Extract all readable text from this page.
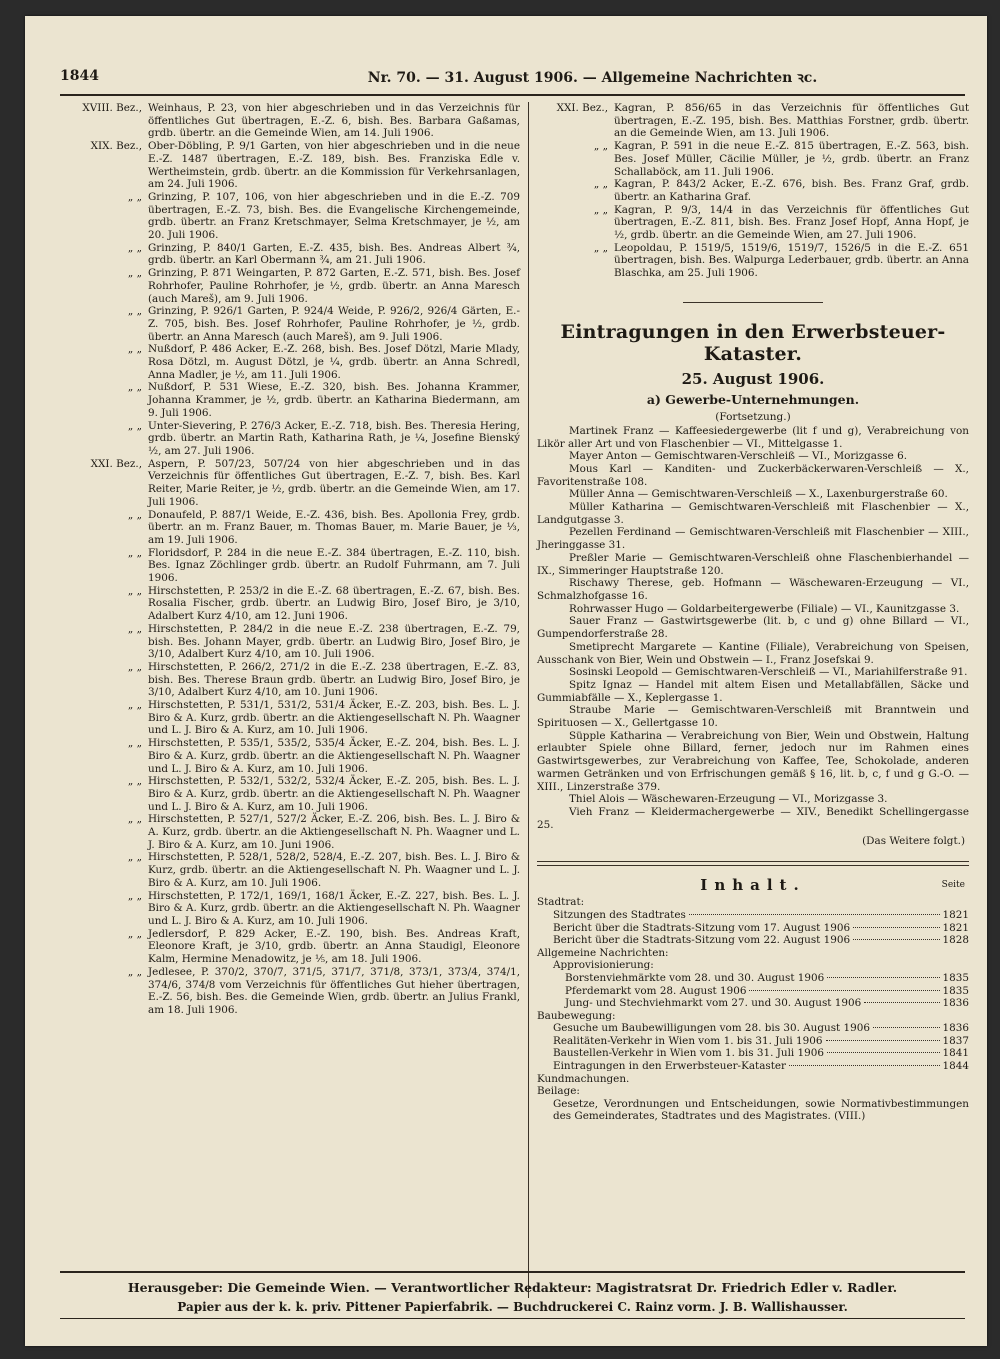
1844	Nr. 70. — 31. August 1906. — Allgemeine Nachrichten ꝛc.
XVIII. Bez., Weinhaus, P. 23, von hier abgeschrieben und in das Verzeichnis für öffentliches Gut übertragen, E.-Z. 6, bish. Bes. Barbara Gaßamas, grdb. übertr. an die Gemeinde Wien, am 14. Juli 1906.
XIX. Bez., Ober-Döbling, P. 9/1 Garten, von hier abgeschrieben und in die neue E.-Z. 1487 übertragen, E.-Z. 189, bish. Bes. Franziska Edle v. Wertheimstein, grdb. übertr. an die Kommission für Verkehrsanlagen, am 24. Juli 1906.
„ „ Grinzing, P. 107, 106, von hier abgeschrieben und in die E.-Z. 709 übertragen, E.-Z. 73, bish. Bes. die Evangelische Kirchengemeinde, grdb. übertr. an Franz Kretschmayer, Selma Kretschmayer, je ½, am 20. Juli 1906.
„ „ Grinzing, P. 840/1 Garten, E.-Z. 435, bish. Bes. Andreas Albert ¾, grdb. übertr. an Karl Obermann ¾, am 21. Juli 1906.
„ „ Grinzing, P. 871 Weingarten, P. 872 Garten, E.-Z. 571, bish. Bes. Josef Rohrhofer, Pauline Rohrhofer, je ½, grdb. übertr. an Anna Maresch (auch Mareš), am 9. Juli 1906.
„ „ Grinzing, P. 926/1 Garten, P. 924/4 Weide, P. 926/2, 926/4 Gärten, E.-Z. 705, bish. Bes. Josef Rohrhofer, Pauline Rohrhofer, je ½, grdb. übertr. an Anna Maresch (auch Mareš), am 9. Juli 1906.
„ „ Nußdorf, P. 486 Acker, E.-Z. 268, bish. Bes. Josef Dötzl, Marie Mlady, Rosa Dötzl, m. August Dötzl, je ¼, grdb. übertr. an Anna Schredl, Anna Madler, je ½, am 11. Juli 1906.
„ „ Nußdorf, P. 531 Wiese, E.-Z. 320, bish. Bes. Johanna Krammer, Johanna Krammer, je ½, grdb. übertr. an Katharina Biedermann, am 9. Juli 1906.
„ „ Unter-Sievering, P. 276/3 Acker, E.-Z. 718, bish. Bes. Theresia Hering, grdb. übertr. an Martin Rath, Katharina Rath, je ¼, Josefine Bienský ½, am 27. Juli 1906.
XXI. Bez., Aspern, P. 507/23, 507/24 von hier abgeschrieben und in das Verzeichnis für öffentliches Gut übertragen, E.-Z. 7, bish. Bes. Karl Reiter, Marie Reiter, je ½, grdb. übertr. an die Gemeinde Wien, am 17. Juli 1906.
„ „ Donaufeld, P. 887/1 Weide, E.-Z. 436, bish. Bes. Apollonia Frey, grdb. übertr. an m. Franz Bauer, m. Thomas Bauer, m. Marie Bauer, je ⅓, am 19. Juli 1906.
„ „ Floridsdorf, P. 284 in die neue E.-Z. 384 übertragen, E.-Z. 110, bish. Bes. Ignaz Zöchlinger grdb. übertr. an Rudolf Fuhrmann, am 7. Juli 1906.
„ „ Hirschstetten, P. 253/2 in die E.-Z. 68 übertragen, E.-Z. 67, bish. Bes. Rosalia Fischer, grdb. übertr. an Ludwig Biro, Josef Biro, je 3/10, Adalbert Kurz 4/10, am 12. Juni 1906.
„ „ Hirschstetten, P. 284/2 in die neue E.-Z. 238 übertragen, E.-Z. 79, bish. Bes. Johann Mayer, grdb. übertr. an Ludwig Biro, Josef Biro, je 3/10, Adalbert Kurz 4/10, am 10. Juli 1906.
„ „ Hirschstetten, P. 266/2, 271/2 in die E.-Z. 238 übertragen, E.-Z. 83, bish. Bes. Therese Braun grdb. übertr. an Ludwig Biro, Josef Biro, je 3/10, Adalbert Kurz 4/10, am 10. Juni 1906.
„ „ Hirschstetten, P. 531/1, 531/2, 531/4 Äcker, E.-Z. 203, bish. Bes. L. J. Biro & A. Kurz, grdb. übertr. an die Aktiengesellschaft N. Ph. Waagner und L. J. Biro & A. Kurz, am 10. Juli 1906.
„ „ Hirschstetten, P. 535/1, 535/2, 535/4 Äcker, E.-Z. 204, bish. Bes. L. J. Biro & A. Kurz, grdb. übertr. an die Aktiengesellschaft N. Ph. Waagner und L. J. Biro & A. Kurz, am 10. Juli 1906.
„ „ Hirschstetten, P. 532/1, 532/2, 532/4 Äcker, E.-Z. 205, bish. Bes. L. J. Biro & A. Kurz, grdb. übertr. an die Aktiengesellschaft N. Ph. Waagner und L. J. Biro & A. Kurz, am 10. Juli 1906.
„ „ Hirschstetten, P. 527/1, 527/2 Äcker, E.-Z. 206, bish. Bes. L. J. Biro & A. Kurz, grdb. übertr. an die Aktiengesellschaft N. Ph. Waagner und L. J. Biro & A. Kurz, am 10. Juni 1906.
„ „ Hirschstetten, P. 528/1, 528/2, 528/4, E.-Z. 207, bish. Bes. L. J. Biro & Kurz, grdb. übertr. an die Aktiengesellschaft N. Ph. Waagner und L. J. Biro & A. Kurz, am 10. Juli 1906.
„ „ Hirschstetten, P. 172/1, 169/1, 168/1 Äcker, E.-Z. 227, bish. Bes. L. J. Biro & A. Kurz, grdb. übertr. an die Aktiengesellschaft N. Ph. Waagner und L. J. Biro & A. Kurz, am 10. Juli 1906.
„ „ Jedlersdorf, P. 829 Acker, E.-Z. 190, bish. Bes. Andreas Kraft, Eleonore Kraft, je 3/10, grdb. übertr. an Anna Staudigl, Eleonore Kalm, Hermine Menadowitz, je ⅕, am 18. Juli 1906.
„ „ Jedlesee, P. 370/2, 370/7, 371/5, 371/7, 371/8, 373/1, 373/4, 374/1, 374/6, 374/8 vom Verzeichnis für öffentliches Gut hieher übertragen, E.-Z. 56, bish. Bes. die Gemeinde Wien, grdb. übertr. an Julius Frankl, am 18. Juli 1906.
XXI. Bez., Kagran, P. 856/65 in das Verzeichnis für öffentliches Gut übertragen, E.-Z. 195, bish. Bes. Matthias Forstner, grdb. übertr. an die Gemeinde Wien, am 13. Juli 1906.
„ „ Kagran, P. 591 in die neue E.-Z. 815 übertragen, E.-Z. 563, bish. Bes. Josef Müller, Cäcilie Müller, je ½, grdb. übertr. an Franz Schallaböck, am 11. Juli 1906.
„ „ Kagran, P. 843/2 Acker, E.-Z. 676, bish. Bes. Franz Graf, grdb. übertr. an Katharina Graf.
„ „ Kagran, P. 9/3, 14/4 in das Verzeichnis für öffentliches Gut übertragen, E.-Z. 811, bish. Bes. Franz Josef Hopf, Anna Hopf, je ½, grdb. übertr. an die Gemeinde Wien, am 27. Juli 1906.
„ „ Leopoldau, P. 1519/5, 1519/6, 1519/7, 1526/5 in die E.-Z. 651 übertragen, bish. Bes. Walpurga Lederbauer, grdb. übertr. an Anna Blaschka, am 25. Juli 1906.
Eintragungen in den Erwerbsteuer-Kataster.
25. August 1906.
a) Gewerbe-Unternehmungen.
(Fortsetzung.)

Martinek Franz — Kaffeesiedergewerbe (lit f und g), Verabreichung von Likör aller Art und von Flaschenbier — VI., Mittelgasse 1.

Mayer Anton — Gemischtwaren-Verschleiß — VI., Morizgasse 6.

Mous Karl — Kanditen- und Zuckerbäckerwaren-Verschleiß — X., Favoritenstraße 108.

Müller Anna — Gemischtwaren-Verschleiß — X., Laxenburgerstraße 60.

Müller Katharina — Gemischtwaren-Verschleiß mit Flaschenbier — X., Landgutgasse 3.

Pezellen Ferdinand — Gemischtwaren-Verschleiß mit Flaschenbier — XIII., Jheringgasse 31.

Preßler Marie — Gemischtwaren-Verschleiß ohne Flaschenbierhandel — IX., Simmeringer Hauptstraße 120.

Rischawy Therese, geb. Hofmann — Wäschewaren-Erzeugung — VI., Schmalzhofgasse 16.

Rohrwasser Hugo — Goldarbeitergewerbe (Filiale) — VI., Kaunitzgasse 3.

Sauer Franz — Gastwirtsgewerbe (lit. b, c und g) ohne Billard — VI., Gumpendorferstraße 28.

Smetiprecht Margarete — Kantine (Filiale), Verabreichung von Speisen, Ausschank von Bier, Wein und Obstwein — I., Franz Josefskai 9.

Sosinski Leopold — Gemischtwaren-Verschleiß — VI., Mariahilferstraße 91.

Spitz Ignaz — Handel mit altem Eisen und Metallabfällen, Säcke und Gummiabfälle — X., Keplergasse 1.

Straube Marie — Gemischtwaren-Verschleiß mit Branntwein und Spirituosen — X., Gellertgasse 10.

Süpple Katharina — Verabreichung von Bier, Wein und Obstwein, Haltung erlaubter Spiele ohne Billard, ferner, jedoch nur im Rahmen eines Gastwirtsgewerbes, zur Verabreichung von Kaffee, Tee, Schokolade, anderen warmen Getränken und von Erfrischungen gemäß § 16, lit. b, c, f und g G.-O. — XIII., Linzerstraße 379.

Thiel Alois — Wäschewaren-Erzeugung — VI., Morizgasse 3.

Vieh Franz — Kleidermachergewerbe — XIV., Benedikt Schellingergasse 25.

(Das Weitere folgt.)
Inhalt.	Seite
Stadtrat:
Sitzungen des Stadtrates	1821
Bericht über die Stadtrats-Sitzung vom 17. August 1906	1821
Bericht über die Stadtrats-Sitzung vom 22. August 1906	1828
Allgemeine Nachrichten:
Approvisionierung:
Borstenviehmärkte vom 28. und 30. August 1906	1835
Pferdemarkt vom 28. August 1906	1835
Jung- und Stechviehmarkt vom 27. und 30. August 1906	1836
Baubewegung:
Gesuche um Baubewilligungen vom 28. bis 30. August 1906	1836
Realitäten-Verkehr in Wien vom 1. bis 31. Juli 1906	1837
Baustellen-Verkehr in Wien vom 1. bis 31. Juli 1906	1841
Eintragungen in den Erwerbsteuer-Kataster	1844
Kundmachungen.
Beilage:
Gesetze, Verordnungen und Entscheidungen, sowie Normativbestimmungen des Gemeinderates, Stadtrates und des Magistrates. (VIII.)
Herausgeber: Die Gemeinde Wien. — Verantwortlicher Redakteur: Magistratsrat Dr. Friedrich Edler v. Radler.
Papier aus der k. k. priv. Pittener Papierfabrik. — Buchdruckerei C. Rainz vorm. J. B. Wallishausser.
